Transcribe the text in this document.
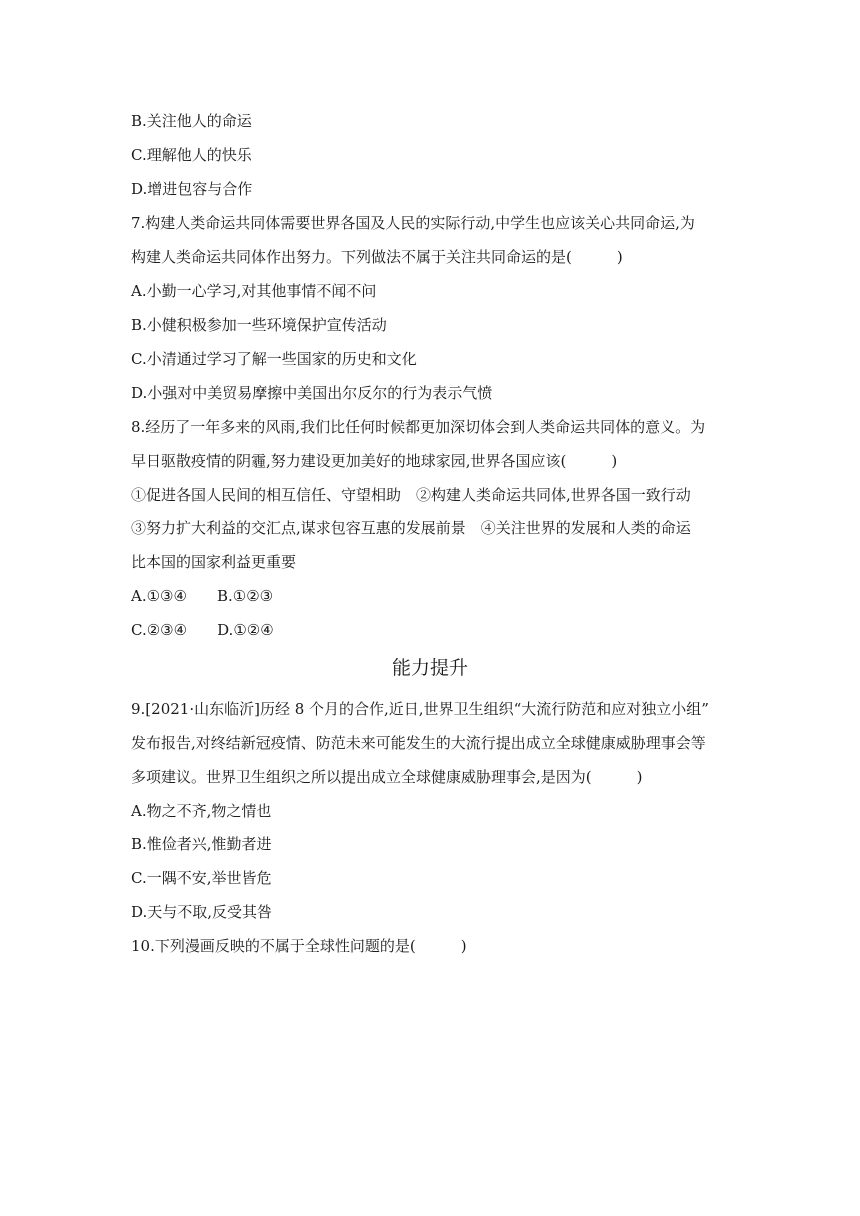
B.关注他人的命运
C.理解他人的快乐
D.增进包容与合作
7.构建人类命运共同体需要世界各国及人民的实际行动,中学生也应该关心共同命运,为
构建人类命运共同体作出努力。下列做法不属于关注共同命运的是(　　　)
A.小勤一心学习,对其他事情不闻不问
B.小健积极参加一些环境保护宣传活动
C.小清通过学习了解一些国家的历史和文化
D.小强对中美贸易摩擦中美国出尔反尔的行为表示气愤
8.经历了一年多来的风雨,我们比任何时候都更加深切体会到人类命运共同体的意义。为
早日驱散疫情的阴霾,努力建设更加美好的地球家园,世界各国应该(　　　)
①促进各国人民间的相互信任、守望相助　②构建人类命运共同体,世界各国一致行动
③努力扩大利益的交汇点,谋求包容互惠的发展前景　④关注世界的发展和人类的命运
比本国的国家利益更重要
A.①③④ B.①②③
C.②③④ D.①②④
能力提升
9.[2021·山东临沂]历经 8 个月的合作,近日,世界卫生组织“大流行防范和应对独立小组”
发布报告,对终结新冠疫情、防范未来可能发生的大流行提出成立全球健康威胁理事会等
多项建议。世界卫生组织之所以提出成立全球健康威胁理事会,是因为(　　　)
A.物之不齐,物之情也
B.惟俭者兴,惟勤者进
C.一隅不安,举世皆危
D.天与不取,反受其咎
10.下列漫画反映的不属于全球性问题的是(　　　)
